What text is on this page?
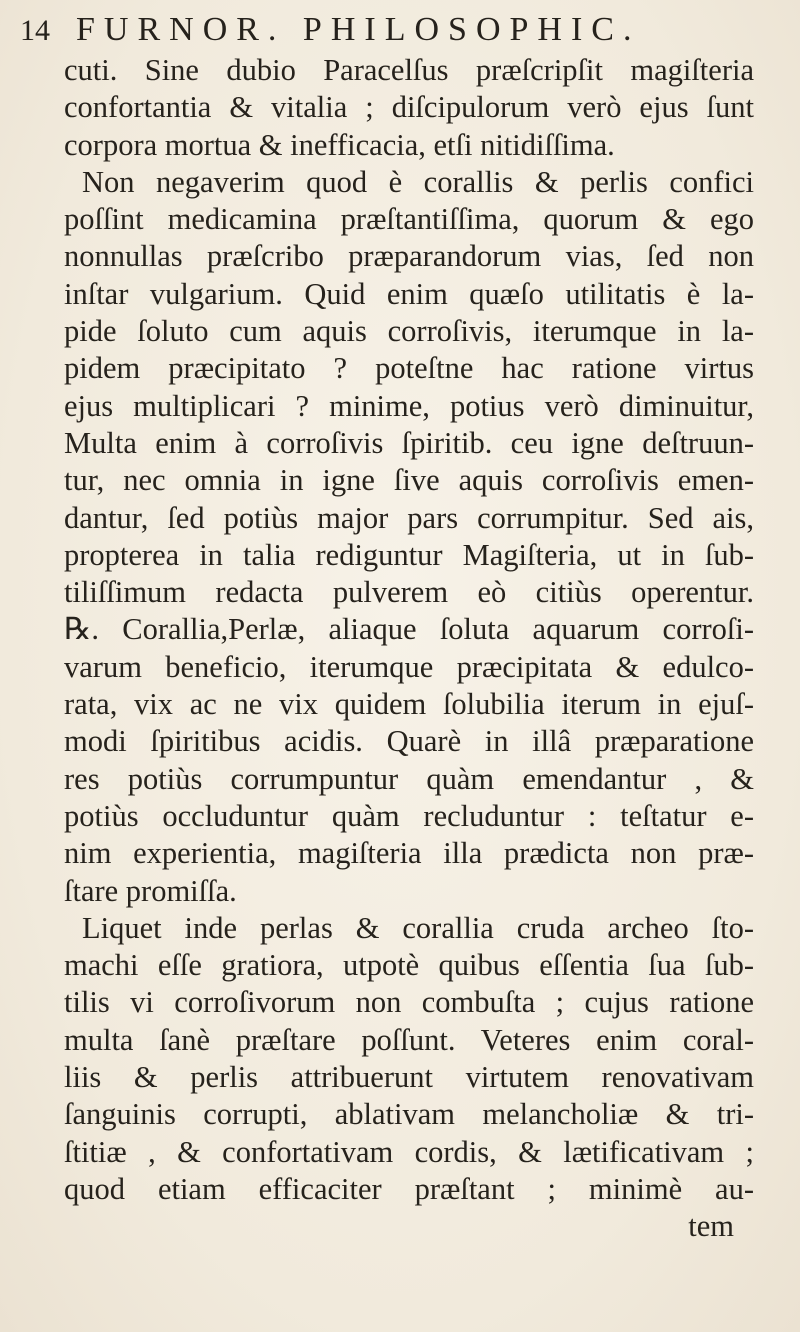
14 FURNOR. PHILOSOPHIC.
cuti. Sine dubio Paracelſus præſcripſit magiſteria
confortantia & vitalia ; diſcipulorum verò ejus ſunt
corpora mortua & inefficacia, etſi nitidiſſima.
Non negaverim quod è corallis & perlis confici
poſſint medicamina præſtantiſſima, quorum & ego
nonnullas præſcribo præparandorum vias, ſed non
inſtar vulgarium. Quid enim quæſo utilitatis è la-
pide ſoluto cum aquis corroſivis, iterumque in la-
pidem præcipitato ? poteſtne hac ratione virtus
ejus multiplicari ? minime, potius verò diminuitur,
Multa enim à corroſivis ſpiritib. ceu igne deſtruun-
tur, nec omnia in igne ſive aquis corroſivis emen-
dantur, ſed potiùs major pars corrumpitur. Sed ais,
propterea in talia rediguntur Magiſteria, ut in ſub-
tiliſſimum redacta pulverem eò citiùs operentur.
℞. Corallia,Perlæ, aliaque ſoluta aquarum corroſi-
varum beneficio, iterumque præcipitata & edulco-
rata, vix ac ne vix quidem ſolubilia iterum in ejuſ-
modi ſpiritibus acidis. Quarè in illâ præparatione
res potiùs corrumpuntur quàm emendantur , &
potiùs occluduntur quàm recluduntur : teſtatur e-
nim experientia, magiſteria illa prædicta non præ-
ſtare promiſſa.
Liquet inde perlas & corallia cruda archeo ſto-
machi eſſe gratiora, utpotè quibus eſſentia ſua ſub-
tilis vi corroſivorum non combuſta ; cujus ratione
multa ſanè præſtare poſſunt. Veteres enim coral-
liis & perlis attribuerunt virtutem renovativam
ſanguinis corrupti, ablativam melancholiæ & tri-
ſtitiæ , & confortativam cordis, & lætificativam ;
quod etiam efficaciter præſtant ; minimè au-
tem
